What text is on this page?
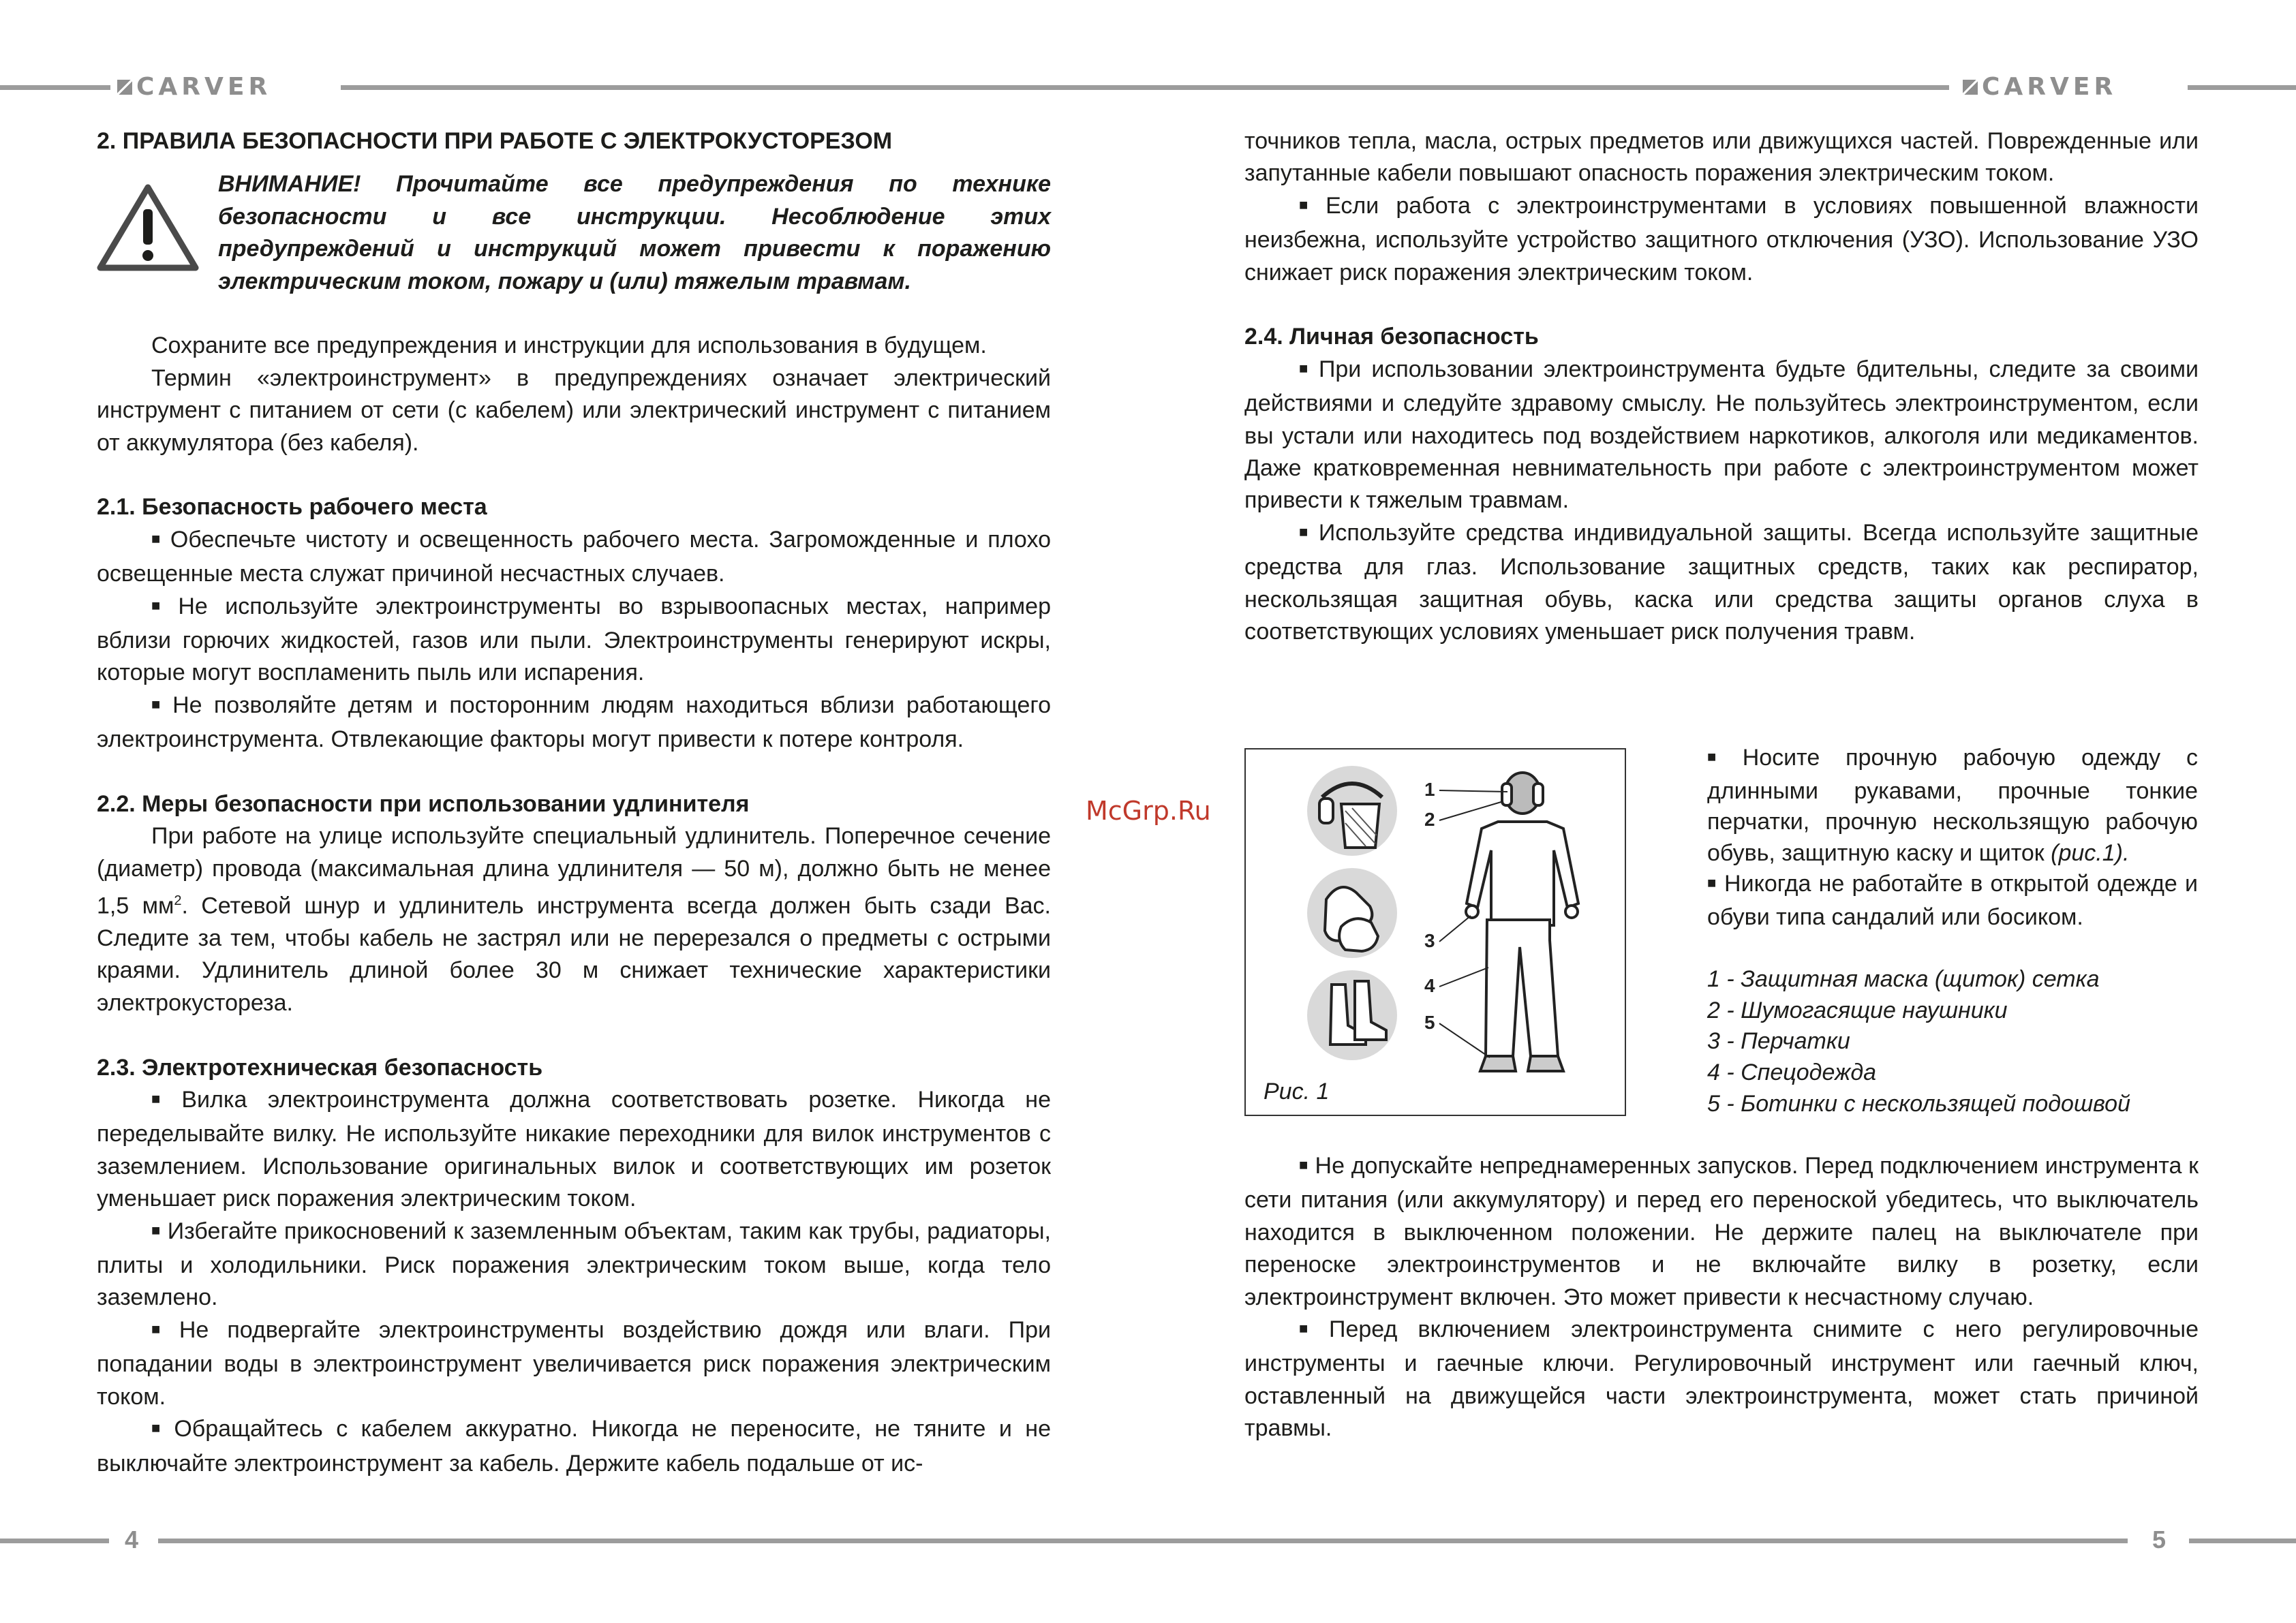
CARVER	CARVER
4	5
McGrp.Ru
2. ПРАВИЛА БЕЗОПАСНОСТИ ПРИ РАБОТЕ С ЭЛЕКТРОКУСТОРЕЗОМ

ВНИМАНИЕ! Прочитайте все предупреждения по технике безопасности и все инструкции. Несоблюдение этих предупреждений и инструкций может привести к поражению электрическим током, пожару и (или) тяжелым травмам.

Сохраните все предупреждения и инструкции для использования в будущем.

Термин «электроинструмент» в предупреждениях означает электрический инструмент с питанием от сети (с кабелем) или электрический инструмент с питанием от аккумулятора (без кабеля).

2.1. Безопасность рабочего места

■ Обеспечьте чистоту и освещенность рабочего места. Загроможденные и плохо освещенные места служат причиной несчастных случаев.

■ Не используйте электроинструменты во взрывоопасных местах, например вблизи горючих жидкостей, газов или пыли. Электроинструменты генерируют искры, которые могут воспламенить пыль или испарения.

■ Не позволяйте детям и посторонним людям находиться вблизи работающего электроинструмента. Отвлекающие факторы могут привести к потере контроля.

2.2. Меры безопасности при использовании удлинителя

При работе на улице используйте специальный удлинитель. Поперечное сечение (диаметр) провода (максимальная длина удлинителя — 50 м), должно быть не менее 1,5 $мм^2$. Сетевой шнур и удлинитель инструмента всегда должен быть сзади Вас. Следите за тем, чтобы кабель не застрял или не перерезался о предметы с острыми краями. Удлинитель длиной более 30 м снижает технические характеристики электрокустореза.

2.3. Электротехническая безопасность

■ Вилка электроинструмента должна соответствовать розетке. Никогда не переделывайте вилку. Не используйте никакие переходники для вилок инструментов с заземлением. Использование оригинальных вилок и соответствующих им розеток уменьшает риск поражения электрическим током.

■ Избегайте прикосновений к заземленным объектам, таким как трубы, радиаторы, плиты и холодильники. Риск поражения электрическим током выше, когда тело заземлено.

■ Не подвергайте электроинструменты воздействию дождя или влаги. При попадании воды в электроинструмент увеличивается риск поражения электрическим током.

■ Обращайтесь с кабелем аккуратно. Никогда не переносите, не тяните и не выключайте электроинструмент за кабель. Держите кабель подальше от ис-

точников тепла, масла, острых предметов или движущихся частей. Поврежденные или запутанные кабели повышают опасность поражения электрическим током.

■ Если работа с электроинструментами в условиях повышенной влажности неизбежна, используйте устройство защитного отключения (УЗО). Использование УЗО снижает риск поражения электрическим током.

2.4. Личная безопасность

■ При использовании электроинструмента будьте бдительны, следите за своими действиями и следуйте здравому смыслу. Не пользуйтесь электроинструментом, если вы устали или находитесь под воздействием наркотиков, алкоголя или медикаментов. Даже кратковременная невнимательность при работе с электроинструментом может привести к тяжелым травмам.

■ Используйте средства индивидуальной защиты. Всегда используйте защитные средства для глаз. Использование защитных средств, таких как респиратор, нескользящая защитная обувь, каска или средства защиты органов слуха в соответствующих условиях уменьшает риск получения травм.

1
2
3
4
5
Рис. 1

■ Носите прочную рабочую одежду с длинными рукавами, прочные тонкие перчатки, прочную нескользящую рабочую обувь, защитную каску и щиток (рис.1).

■ Никогда не работайте в открытой одежде и обуви типа сандалий или босиком.

1 - Защитная маска (щиток) сетка

2 - Шумогасящие наушники

3 - Перчатки

4 - Спецодежда

5 - Ботинки с нескользящей подошвой

■ Не допускайте непреднамеренных запусков. Перед подключением инструмента к сети питания (или аккумулятору) и перед его переноской убедитесь, что выключатель находится в выключенном положении. Не держите палец на выключателе при переноске электроинструментов и не включайте вилку в розетку, если электроинструмент включен. Это может привести к несчастному случаю.

■ Перед включением электроинструмента снимите с него регулировочные инструменты и гаечные ключи. Регулировочный инструмент или гаечный ключ, оставленный на движущейся части электроинструмента, может стать причиной травмы.
